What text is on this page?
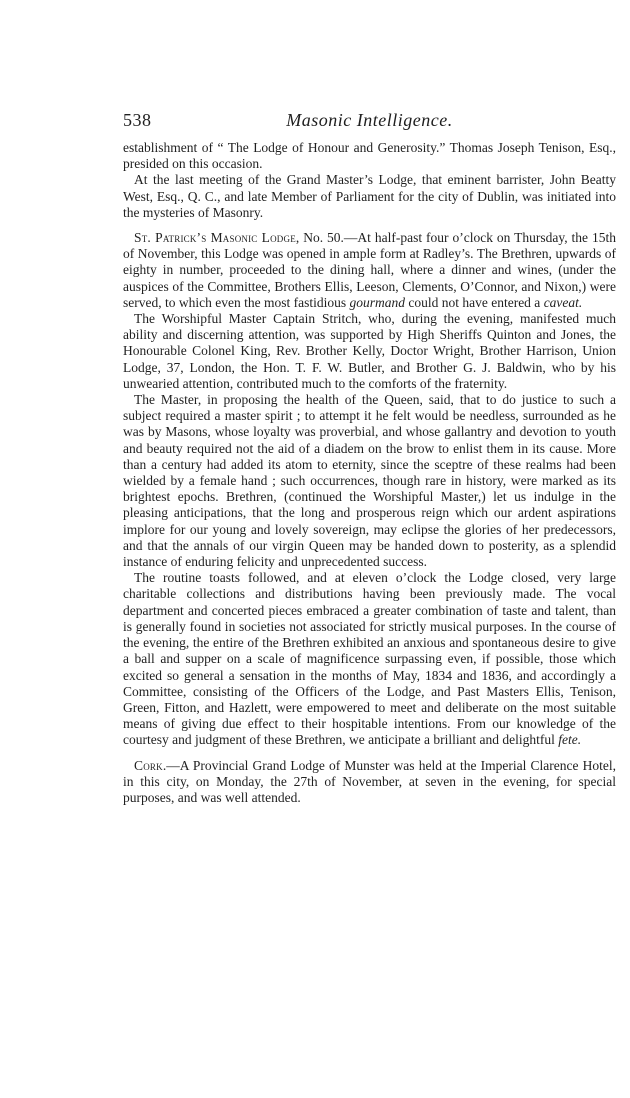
538	Masonic Intelligence.

establishment of “ The Lodge of Honour and Generosity.” Thomas Joseph Tenison, Esq., presided on this occasion.

At the last meeting of the Grand Master’s Lodge, that eminent barrister, John Beatty West, Esq., Q. C., and late Member of Parliament for the city of Dublin, was initiated into the mysteries of Masonry.

St. Patrick’s Masonic Lodge, No. 50.—At half-past four o’clock on Thursday, the 15th of November, this Lodge was opened in ample form at Radley’s. The Brethren, upwards of eighty in number, proceeded to the dining hall, where a dinner and wines, (under the auspices of the Committee, Brothers Ellis, Leeson, Clements, O’Connor, and Nixon,) were served, to which even the most fastidious gourmand could not have entered a caveat.

The Worshipful Master Captain Stritch, who, during the evening, manifested much ability and discerning attention, was supported by High Sheriffs Quinton and Jones, the Honourable Colonel King, Rev. Brother Kelly, Doctor Wright, Brother Harrison, Union Lodge, 37, London, the Hon. T. F. W. Butler, and Brother G. J. Baldwin, who by his unwearied attention, contributed much to the comforts of the fraternity.

The Master, in proposing the health of the Queen, said, that to do justice to such a subject required a master spirit ; to attempt it he felt would be needless, surrounded as he was by Masons, whose loyalty was proverbial, and whose gallantry and devotion to youth and beauty required not the aid of a diadem on the brow to enlist them in its cause. More than a century had added its atom to eternity, since the sceptre of these realms had been wielded by a female hand ; such occurrences, though rare in history, were marked as its brightest epochs. Brethren, (continued the Worshipful Master,) let us indulge in the pleasing anticipations, that the long and prosperous reign which our ardent aspirations implore for our young and lovely sovereign, may eclipse the glories of her predecessors, and that the annals of our virgin Queen may be handed down to posterity, as a splendid instance of enduring felicity and unprecedented success.

The routine toasts followed, and at eleven o’clock the Lodge closed, very large charitable collections and distributions having been previously made. The vocal department and concerted pieces embraced a greater combination of taste and talent, than is generally found in societies not associated for strictly musical purposes. In the course of the evening, the entire of the Brethren exhibited an anxious and spontaneous desire to give a ball and supper on a scale of magnificence surpassing even, if possible, those which excited so general a sensation in the months of May, 1834 and 1836, and accordingly a Committee, consisting of the Officers of the Lodge, and Past Masters Ellis, Tenison, Green, Fitton, and Hazlett, were empowered to meet and deliberate on the most suitable means of giving due effect to their hospitable intentions. From our knowledge of the courtesy and judgment of these Brethren, we anticipate a brilliant and delightful fete.

Cork.—A Provincial Grand Lodge of Munster was held at the Imperial Clarence Hotel, in this city, on Monday, the 27th of November, at seven in the evening, for special purposes, and was well attended.
